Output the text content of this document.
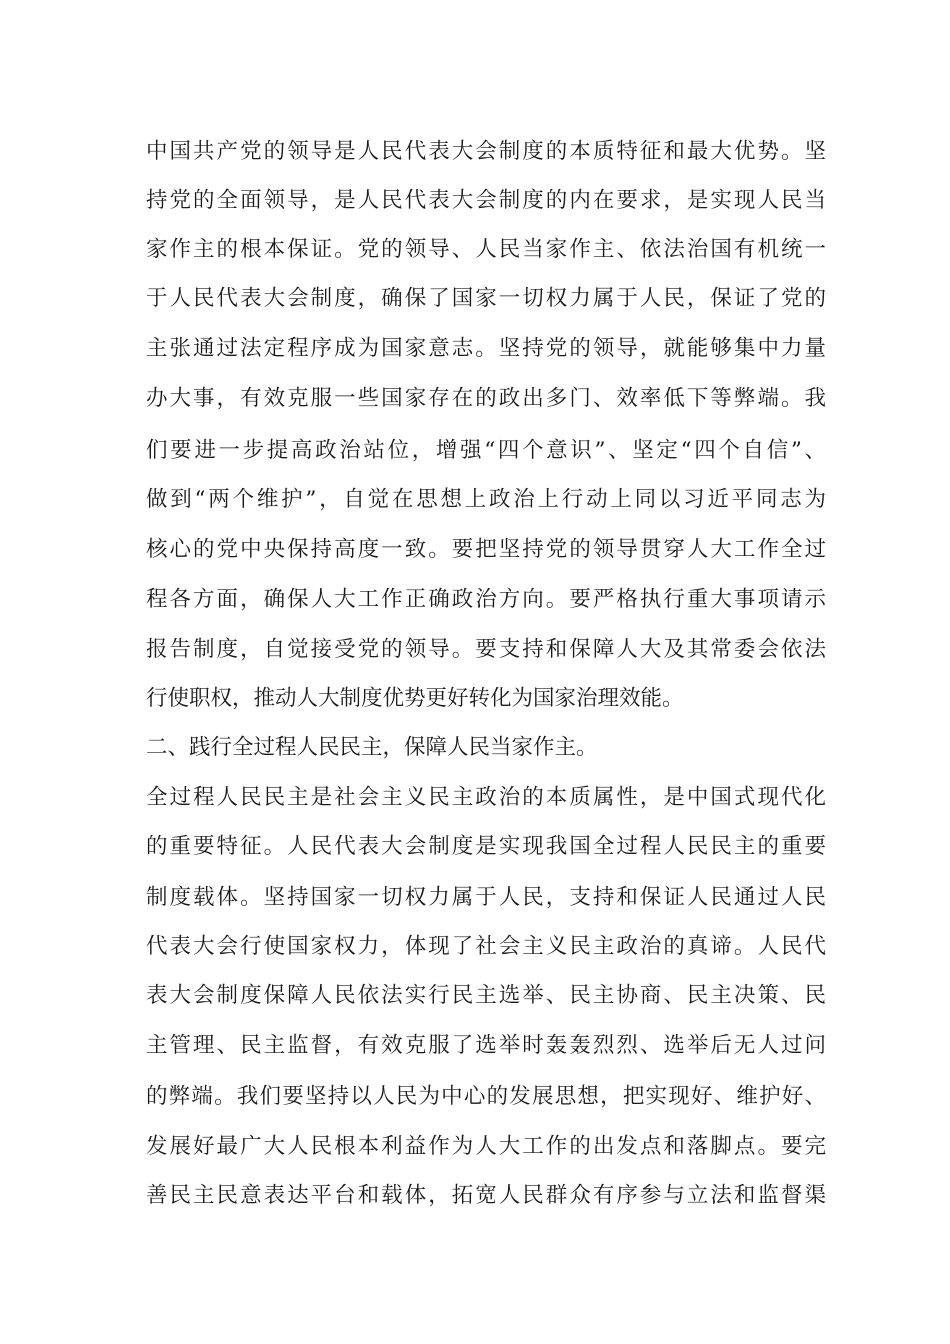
中国共产党的领导是人民代表大会制度的本质特征和最大优势。坚
持党的全面领导，是人民代表大会制度的内在要求，是实现人民当
家作主的根本保证。党的领导、人民当家作主、依法治国有机统一
于人民代表大会制度，确保了国家一切权力属于人民，保证了党的
主张通过法定程序成为国家意志。坚持党的领导，就能够集中力量
办大事，有效克服一些国家存在的政出多门、效率低下等弊端。我
们要进一步提高政治站位，增强“四个意识”、坚定“四个自信”、
做到“两个维护”，自觉在思想上政治上行动上同以习近平同志为
核心的党中央保持高度一致。要把坚持党的领导贯穿人大工作全过
程各方面，确保人大工作正确政治方向。要严格执行重大事项请示
报告制度，自觉接受党的领导。要支持和保障人大及其常委会依法
行使职权，推动人大制度优势更好转化为国家治理效能。
二、践行全过程人民民主，保障人民当家作主。
全过程人民民主是社会主义民主政治的本质属性，是中国式现代化
的重要特征。人民代表大会制度是实现我国全过程人民民主的重要
制度载体。坚持国家一切权力属于人民，支持和保证人民通过人民
代表大会行使国家权力，体现了社会主义民主政治的真谛。人民代
表大会制度保障人民依法实行民主选举、民主协商、民主决策、民
主管理、民主监督，有效克服了选举时轰轰烈烈、选举后无人过问
的弊端。我们要坚持以人民为中心的发展思想，把实现好、维护好、
发展好最广大人民根本利益作为人大工作的出发点和落脚点。要完
善民主民意表达平台和载体，拓宽人民群众有序参与立法和监督渠
